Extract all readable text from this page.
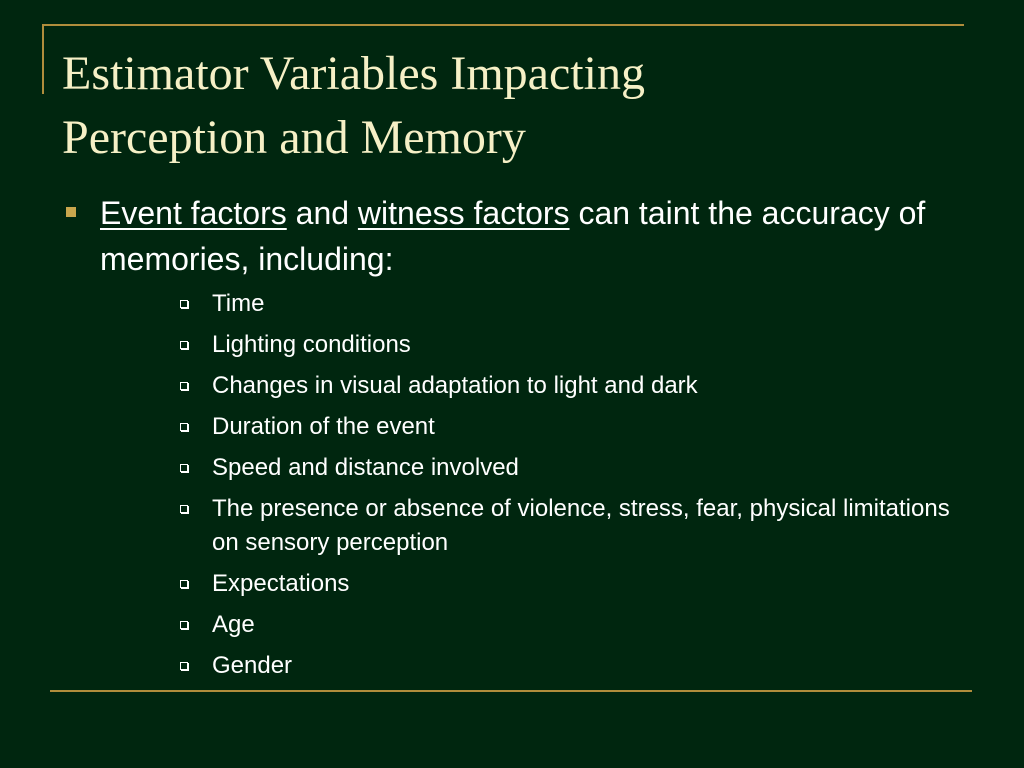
Estimator Variables Impacting
Perception and Memory
Event factors and witness factors can taint the accuracy of memories, including:
Time
Lighting conditions
Changes in visual adaptation to light and dark
Duration of the event
Speed and distance involved
The presence or absence of violence, stress, fear, physical limitations on sensory perception
Expectations
Age
Gender
